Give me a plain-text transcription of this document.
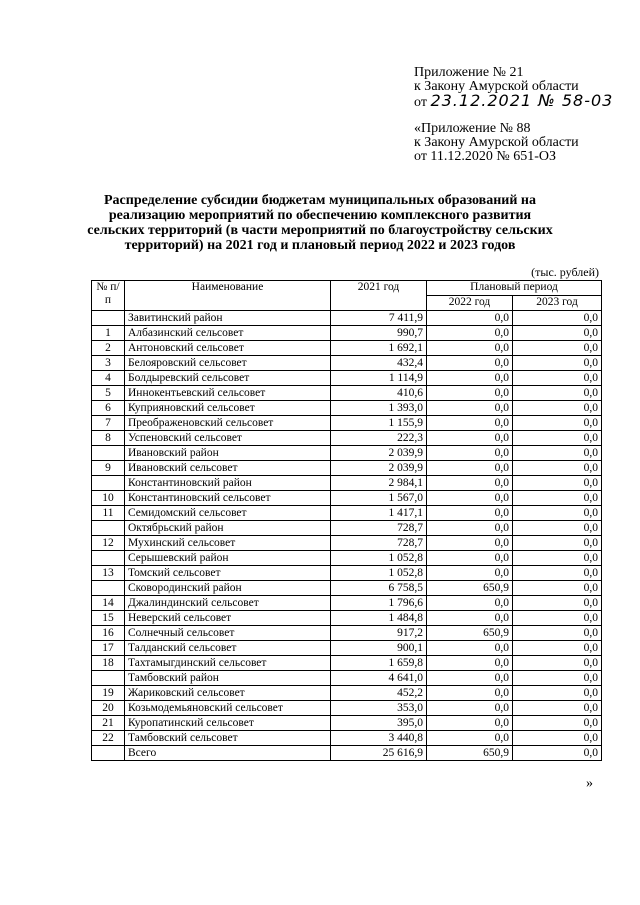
Приложение № 21
к Закону Амурской области
от 23.12.2021 № 58-03
«Приложение № 88
к Закону Амурской области
от 11.12.2020 № 651-ОЗ
Распределение субсидии бюджетам муниципальных образований на реализацию мероприятий по обеспечению комплексного развития сельских территорий (в части мероприятий по благоустройству сельских территорий) на 2021 год и плановый период 2022 и 2023 годов
(тыс. рублей)
№ п/п	Наименование	2021 год	Плановый период	
			2022 год	2023 год
	Завитинский район	7 411,9	0,0	0,0
1	Албазинский сельсовет	990,7	0,0	0,0
2	Антоновский сельсовет	1 692,1	0,0	0,0
3	Белояровский сельсовет	432,4	0,0	0,0
4	Болдыревский сельсовет	1 114,9	0,0	0,0
5	Иннокентьевский сельсовет	410,6	0,0	0,0
6	Куприяновский сельсовет	1 393,0	0,0	0,0
7	Преображеновский сельсовет	1 155,9	0,0	0,0
8	Успеновский сельсовет	222,3	0,0	0,0
	Ивановский район	2 039,9	0,0	0,0
9	Ивановский сельсовет	2 039,9	0,0	0,0
	Константиновский район	2 984,1	0,0	0,0
10	Константиновский сельсовет	1 567,0	0,0	0,0
11	Семидомский сельсовет	1 417,1	0,0	0,0
	Октябрьский район	728,7	0,0	0,0
12	Мухинский сельсовет	728,7	0,0	0,0
	Серышевский район	1 052,8	0,0	0,0
13	Томский сельсовет	1 052,8	0,0	0,0
	Сковородинский район	6 758,5	650,9	0,0
14	Джалиндинский сельсовет	1 796,6	0,0	0,0
15	Неверский сельсовет	1 484,8	0,0	0,0
16	Солнечный сельсовет	917,2	650,9	0,0
17	Талданский сельсовет	900,1	0,0	0,0
18	Тахтамыгдинский сельсовет	1 659,8	0,0	0,0
	Тамбовский район	4 641,0	0,0	0,0
19	Жариковский сельсовет	452,2	0,0	0,0
20	Козьмодемьяновский сельсовет	353,0	0,0	0,0
21	Куропатинский сельсовет	395,0	0,0	0,0
22	Тамбовский сельсовет	3 440,8	0,0	0,0
	Всего	25 616,9	650,9	0,0
»
